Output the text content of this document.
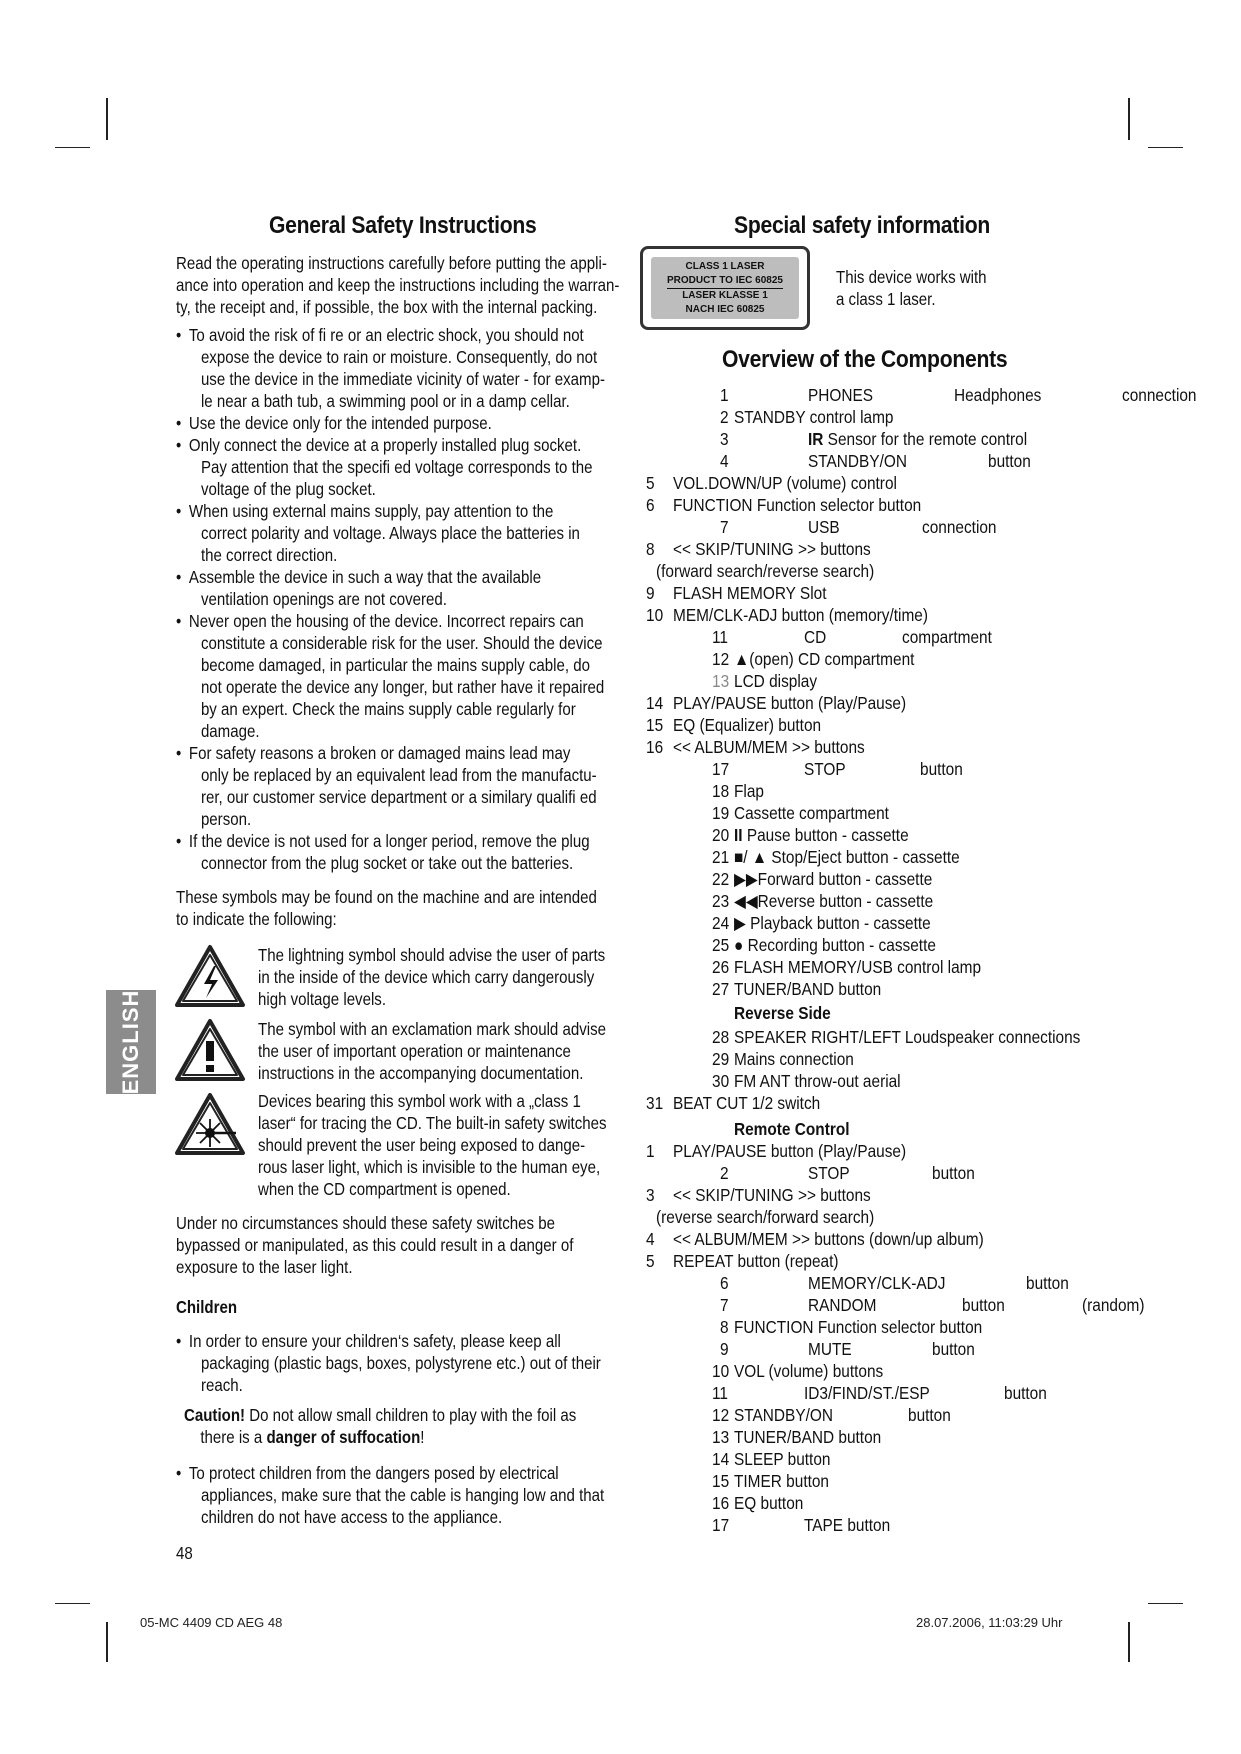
ENGLISH
General Safety Instructions
Read the operating instructions carefully before putting the appli-
ance into operation and keep the instructions including the warran-
ty, the receipt and, if possible, the box with the internal packing.
• To avoid the risk of fi re or an electric shock, you should not
expose the device to rain or moisture. Consequently, do not
use the device in the immediate vicinity of water - for examp-
le near a bath tub, a swimming pool or in a damp cellar.
• Use the device only for the intended purpose.
• Only connect the device at a properly installed plug socket.
Pay attention that the specifi ed voltage corresponds to the
voltage of the plug socket.
• When using external mains supply, pay attention to the
correct polarity and voltage. Always place the batteries in
the correct direction.
• Assemble the device in such a way that the available
ventilation openings are not covered.
• Never open the housing of the device. Incorrect repairs can
constitute a considerable risk for the user. Should the device
become damaged, in particular the mains supply cable, do
not operate the device any longer, but rather have it repaired
by an expert. Check the mains supply cable regularly for
damage.
• For safety reasons a broken or damaged mains lead may
only be replaced by an equivalent lead from the manufactu-
rer, our customer service department or a similary qualifi ed
person.
• If the device is not used for a longer period, remove the plug
connector from the plug socket or take out the batteries.
These symbols may be found on the machine and are intended
to indicate the following:
The lightning symbol should advise the user of parts
in the inside of the device which carry dangerously
high voltage levels.
The symbol with an exclamation mark should advise
the user of important operation or maintenance
instructions in the accompanying documentation.
Devices bearing this symbol work with a „class 1
laser“ for tracing the CD. The built-in safety switches
should prevent the user being exposed to dange-
rous laser light, which is invisible to the human eye,
when the CD compartment is opened.
Under no circumstances should these safety switches be
bypassed or manipulated, as this could result in a danger of
exposure to the laser light.
Children
• In order to ensure your children‘s safety, please keep all
packaging (plastic bags, boxes, polystyrene etc.) out of their
reach.
Caution! Do not allow small children to play with the foil as
there is a danger of suffocation!
• To protect children from the dangers posed by electrical
appliances, make sure that the cable is hanging low and that
children do not have access to the appliance.
48
Special safety information
CLASS 1 LASER
PRODUCT TO IEC 60825
LASER KLASSE 1
NACH IEC 60825
This device works with
a class 1 laser.
Overview of the Components
1	PHONES	Headphones	connection
2 STANDBY control lamp
3	IR Sensor for the remote control
4	STANDBY/ON	button
5 VOL.DOWN/UP (volume) control
6 FUNCTION Function selector button
7	USB	connection
8 << SKIP/TUNING >> buttons
(forward search/reverse search)
9 FLASH MEMORY Slot
10 MEM/CLK-ADJ button (memory/time)
11	CD	compartment
12 ▲(open) CD compartment
13 LCD display
14 PLAY/PAUSE button (Play/Pause)
15 EQ (Equalizer) button
16 << ALBUM/MEM >> buttons
17	STOP	button
18 Flap
19 Cassette compartment
20 II Pause button - cassette
21 ■/ ▲ Stop/Eject button - cassette
22 ▶▶Forward button - cassette
23 ◀◀Reverse button - cassette
24 ▶ Playback button - cassette
25 ● Recording button - cassette
26 FLASH MEMORY/USB control lamp
27 TUNER/BAND button
Reverse Side
28 SPEAKER RIGHT/LEFT Loudspeaker connections
29 Mains connection
30 FM ANT throw-out aerial
31 BEAT CUT 1/2 switch
Remote Control
1 PLAY/PAUSE button (Play/Pause)
2	STOP	button
3 << SKIP/TUNING >> buttons
(reverse search/forward search)
4 << ALBUM/MEM >> buttons (down/up album)
5 REPEAT button (repeat)
6	MEMORY/CLK-ADJ	button
7	RANDOM	button	(random)
8 FUNCTION Function selector button
9	MUTE	button
10 VOL (volume) buttons
11	ID3/FIND/ST./ESP	button
12 STANDBY/ON	button
13 TUNER/BAND button
14 SLEEP button
15 TIMER button
16 EQ button
17	TAPE button
05-MC 4409 CD AEG 48	28.07.2006, 11:03:29 Uhr
